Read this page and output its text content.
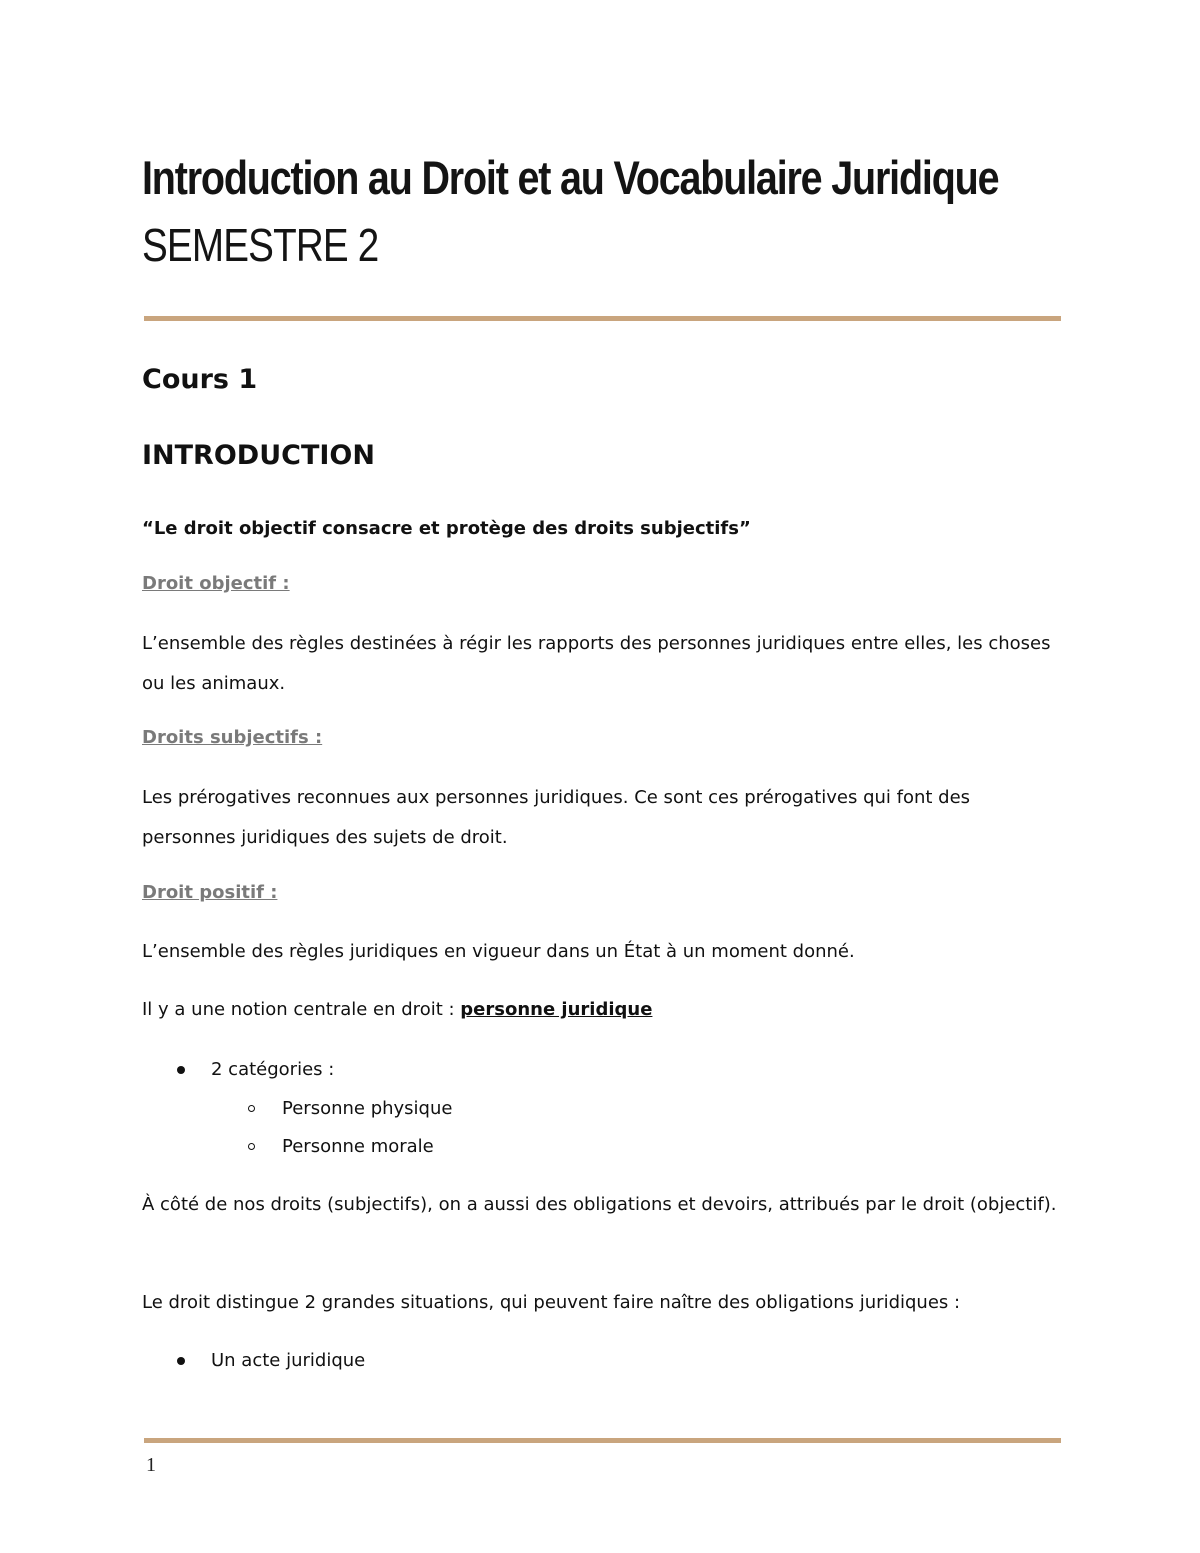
Introduction au Droit et au Vocabulaire Juridique
SEMESTRE 2
Cours 1
INTRODUCTION

“Le droit objectif consacre et protège des droits subjectifs”

Droit objectif :

L’ensemble des règles destinées à régir les rapports des personnes juridiques entre elles, les choses ou les animaux.

Droits subjectifs :

Les prérogatives reconnues aux personnes juridiques. Ce sont ces prérogatives qui font des personnes juridiques des sujets de droit.

Droit positif :

L’ensemble des règles juridiques en vigueur dans un État à un moment donné.

Il y a une notion centrale en droit : personne juridique

2 catégories :

Personne physique

Personne morale

À côté de nos droits (subjectifs), on a aussi des obligations et devoirs, attribués par le droit (objectif).

Le droit distingue 2 grandes situations, qui peuvent faire naître des obligations juridiques :

Un acte juridique

1
